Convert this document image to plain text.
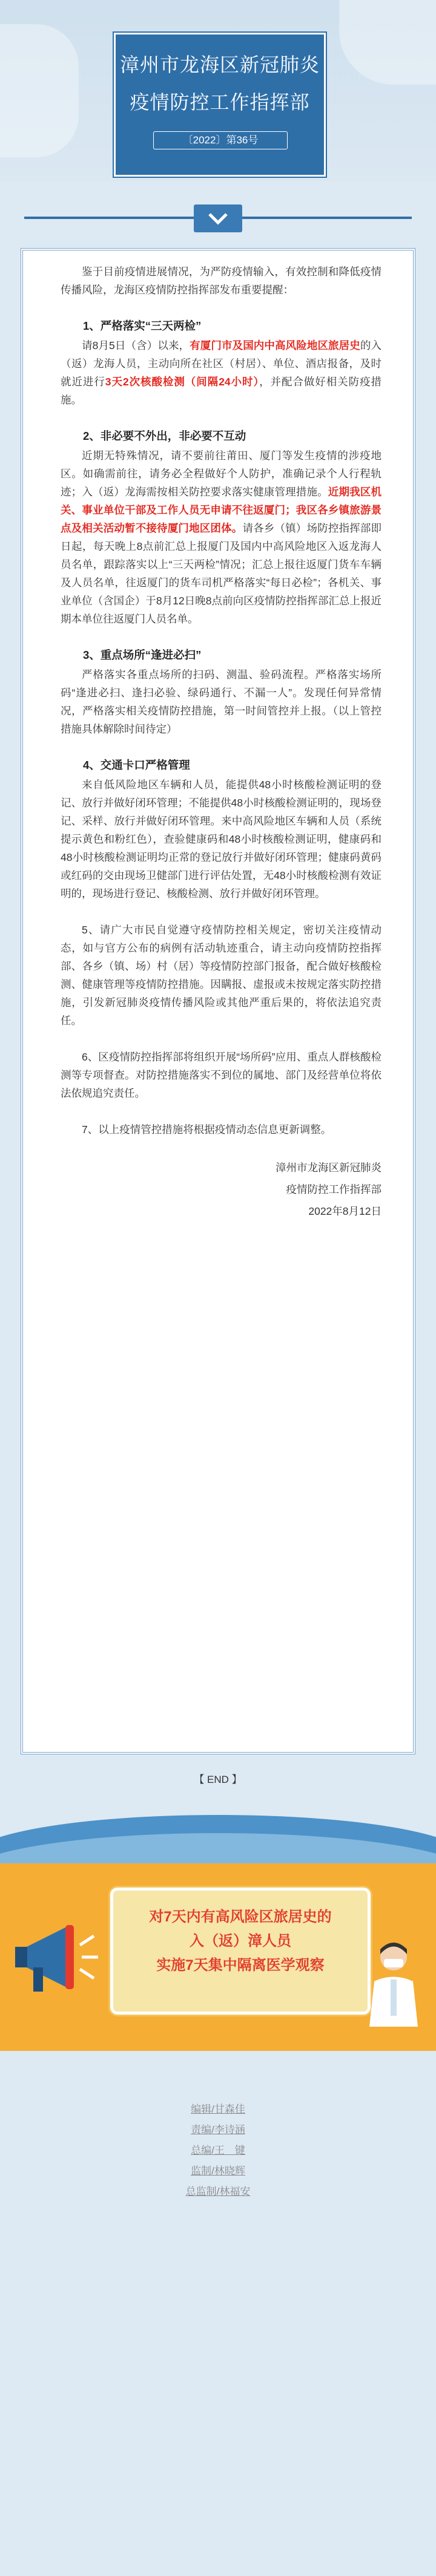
漳州市龙海区新冠肺炎
疫情防控工作指挥部
〔2022〕第36号

鉴于目前疫情进展情况，为严防疫情输入，有效控制和降低疫情传播风险，龙海区疫情防控指挥部发布重要提醒：

1、严格落实“三天两检”

请8月5日（含）以来，有厦门市及国内中高风险地区旅居史的入（返）龙海人员，主动向所在社区（村居）、单位、酒店报备，及时就近进行3天2次核酸检测（间隔24小时），并配合做好相关防疫措施。

2、非必要不外出，非必要不互动

近期无特殊情况，请不要前往莆田、厦门等发生疫情的涉疫地区。如确需前往，请务必全程做好个人防护，准确记录个人行程轨迹；入（返）龙海需按相关防控要求落实健康管理措施。近期我区机关、事业单位干部及工作人员无申请不往返厦门；我区各乡镇旅游景点及相关活动暂不接待厦门地区团体。请各乡（镇）场防控指挥部即日起，每天晚上8点前汇总上报厦门及国内中高风险地区入返龙海人员名单，跟踪落实以上“三天两检”情况；汇总上报往返厦门货车车辆及人员名单，往返厦门的货车司机严格落实“每日必检”；各机关、事业单位（含国企）于8月12日晚8点前向区疫情防控指挥部汇总上报近期本单位往返厦门人员名单。

3、重点场所“逢进必扫”

严格落实各重点场所的扫码、测温、验码流程。严格落实场所码“逢进必扫、逢扫必验、绿码通行、不漏一人”。发现任何异常情况，严格落实相关疫情防控措施，第一时间管控并上报。（以上管控措施具体解除时间待定）

4、交通卡口严格管理

来自低风险地区车辆和人员，能提供48小时核酸检测证明的登记、放行并做好闭环管理；不能提供48小时核酸检测证明的，现场登记、采样、放行并做好闭环管理。来中高风险地区车辆和人员（系统提示黄色和粉红色），查验健康码和48小时核酸检测证明，健康码和48小时核酸检测证明均正常的登记放行并做好闭环管理；健康码黄码或红码的交由现场卫健部门进行评估处置，无48小时核酸检测有效证明的，现场进行登记、核酸检测、放行并做好闭环管理。

5、请广大市民自觉遵守疫情防控相关规定，密切关注疫情动态，如与官方公布的病例有活动轨迹重合，请主动向疫情防控指挥部、各乡（镇、场）村（居）等疫情防控部门报备，配合做好核酸检测、健康管理等疫情防控措施。因瞒报、虚报或未按规定落实防控措施，引发新冠肺炎疫情传播风险或其他严重后果的，将依法追究责任。

6、区疫情防控指挥部将组织开展“场所码”应用、重点人群核酸检测等专项督查。对防控措施落实不到位的属地、部门及经营单位将依法依规追究责任。

7、以上疫情管控措施将根据疫情动态信息更新调整。

漳州市龙海区新冠肺炎
疫情防控工作指挥部
2022年8月12日
【 END 】
对7天内有高风险区旅居史的
入（返）漳人员
实施7天集中隔离医学观察
编辑/甘森佳
责编/李诗涵
总编/王　键
监制/林晓辉
总监制/林福安
